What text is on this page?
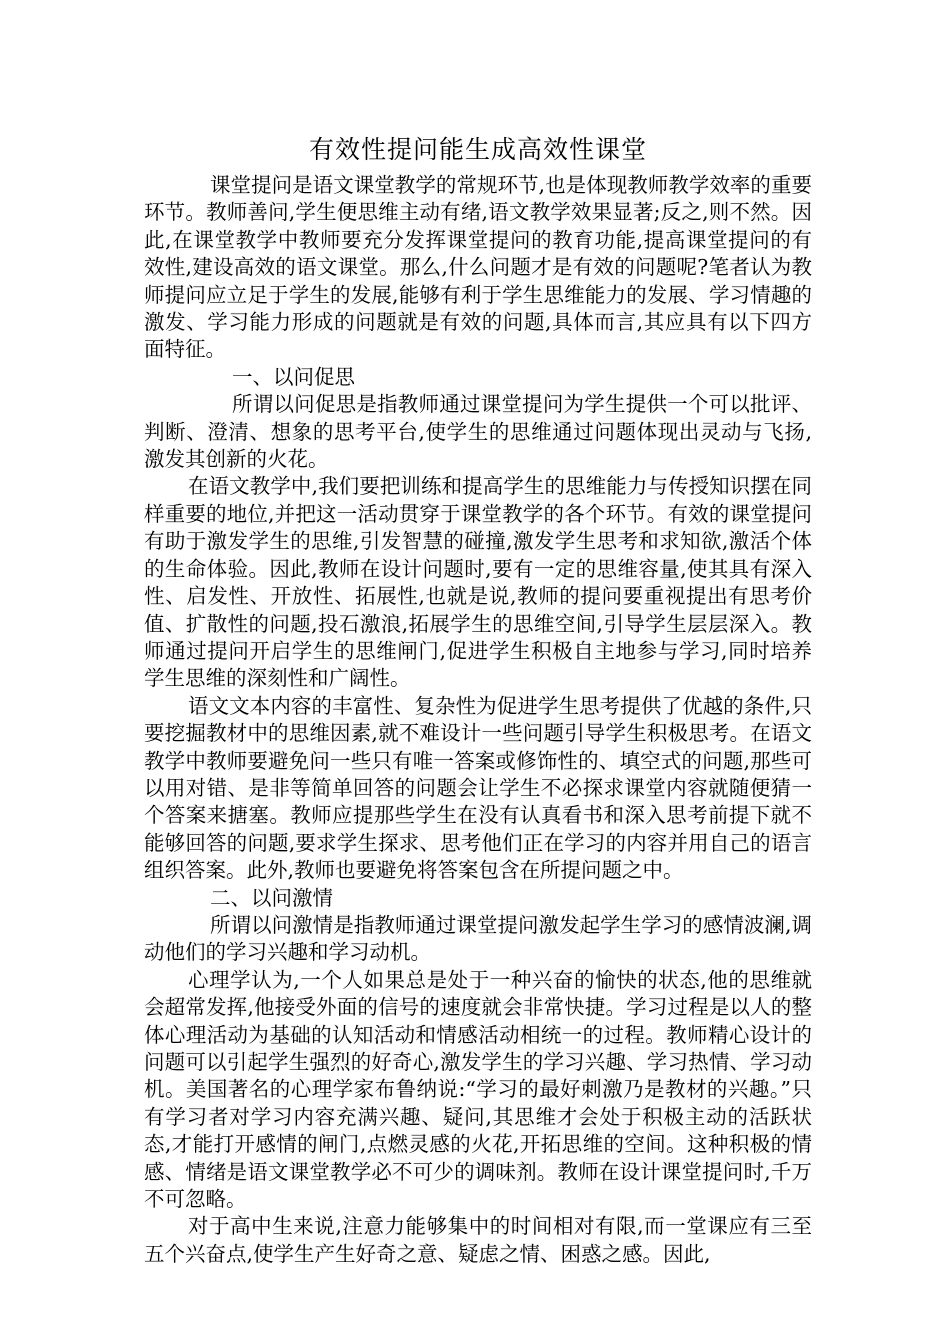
有效性提问能生成高效性课堂

课堂提问是语文课堂教学的常规环节,也是体现教师教学效率的重要环节。教师善问,学生便思维主动有绪,语文教学效果显著;反之,则不然。因此,在课堂教学中教师要充分发挥课堂提问的教育功能,提高课堂提问的有效性,建设高效的语文课堂。那么,什么问题才是有效的问题呢?笔者认为教师提问应立足于学生的发展,能够有利于学生思维能力的发展、学习情趣的激发、学习能力形成的问题就是有效的问题,具体而言,其应具有以下四方面特征。

一、以问促思

所谓以问促思是指教师通过课堂提问为学生提供一个可以批评、判断、澄清、想象的思考平台,使学生的思维通过问题体现出灵动与飞扬,激发其创新的火花。

在语文教学中,我们要把训练和提高学生的思维能力与传授知识摆在同样重要的地位,并把这一活动贯穿于课堂教学的各个环节。有效的课堂提问有助于激发学生的思维,引发智慧的碰撞,激发学生思考和求知欲,激活个体的生命体验。因此,教师在设计问题时,要有一定的思维容量,使其具有深入性、启发性、开放性、拓展性,也就是说,教师的提问要重视提出有思考价值、扩散性的问题,投石激浪,拓展学生的思维空间,引导学生层层深入。教师通过提问开启学生的思维闸门,促进学生积极自主地参与学习,同时培养学生思维的深刻性和广阔性。

语文文本内容的丰富性、复杂性为促进学生思考提供了优越的条件,只要挖掘教材中的思维因素,就不难设计一些问题引导学生积极思考。在语文教学中教师要避免问一些只有唯一答案或修饰性的、填空式的问题,那些可以用对错、是非等简单回答的问题会让学生不必探求课堂内容就随便猜一个答案来搪塞。教师应提那些学生在没有认真看书和深入思考前提下就不能够回答的问题,要求学生探求、思考他们正在学习的内容并用自己的语言组织答案。此外,教师也要避免将答案包含在所提问题之中。

二、以问激情

所谓以问激情是指教师通过课堂提问激发起学生学习的感情波澜,调动他们的学习兴趣和学习动机。

心理学认为,一个人如果总是处于一种兴奋的愉快的状态,他的思维就会超常发挥,他接受外面的信号的速度就会非常快捷。学习过程是以人的整体心理活动为基础的认知活动和情感活动相统一的过程。教师精心设计的问题可以引起学生强烈的好奇心,激发学生的学习兴趣、学习热情、学习动机。美国著名的心理学家布鲁纳说:“学习的最好刺激乃是教材的兴趣。”只有学习者对学习内容充满兴趣、疑问,其思维才会处于积极主动的活跃状态,才能打开感情的闸门,点燃灵感的火花,开拓思维的空间。这种积极的情感、情绪是语文课堂教学必不可少的调味剂。教师在设计课堂提问时,千万不可忽略。

对于高中生来说,注意力能够集中的时间相对有限,而一堂课应有三至五个兴奋点,使学生产生好奇之意、疑虑之情、困惑之感。因此,
